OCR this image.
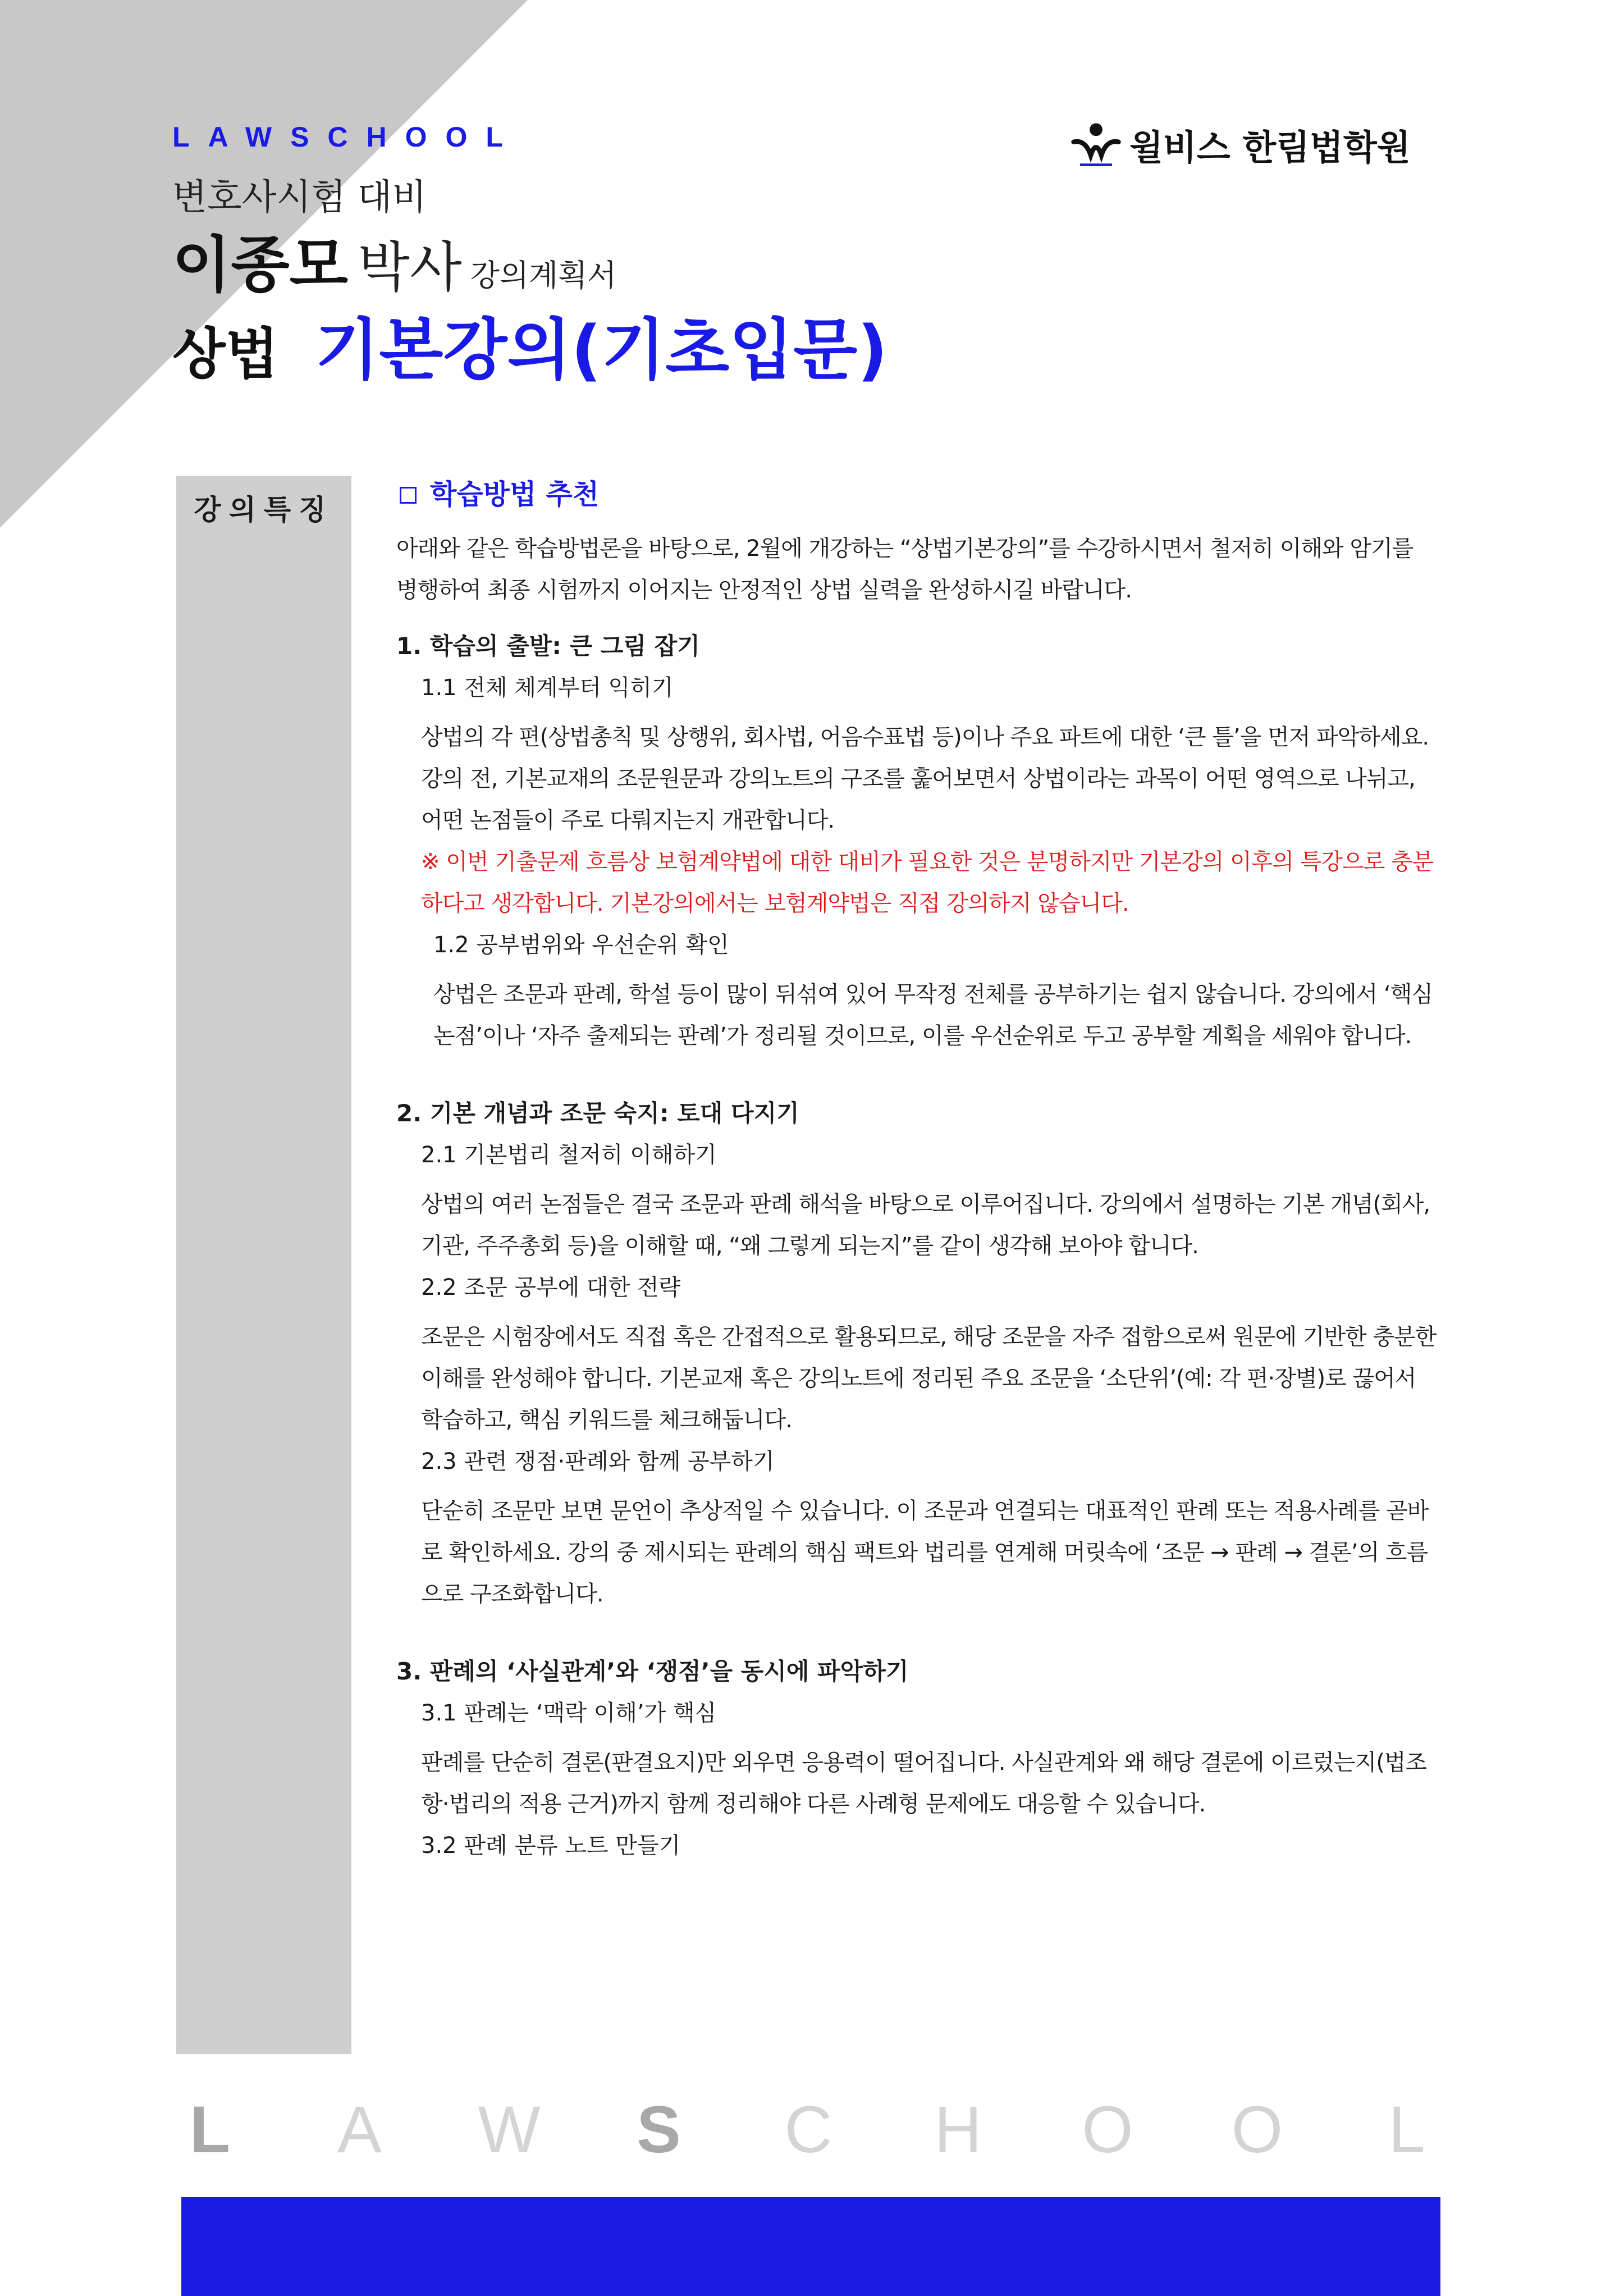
LAWSCHOOL	윌비스 한림법학원
변호사시험 대비
이종모 박사 강의계획서
상법 기본강의(기초입문)
강의특징	학습방법 추천

아래와 같은 학습방법론을 바탕으로, 2월에 개강하는 “상법기본강의”를 수강하시면서 철저히 이해와 암기를 병행하여 최종 시험까지 이어지는 안정적인 상법 실력을 완성하시길 바랍니다.

1. 학습의 출발: 큰 그림 잡기

1.1 전체 체계부터 익히기

상법의 각 편(상법총칙 및 상행위, 회사법, 어음수표법 등)이나 주요 파트에 대한 ‘큰 틀’을 먼저 파악하세요. 강의 전, 기본교재의 조문원문과 강의노트의 구조를 훑어보면서 상법이라는 과목이 어떤 영역으로 나뉘고, 어떤 논점들이 주로 다뤄지는지 개관합니다.

※ 이번 기출문제 흐름상 보험계약법에 대한 대비가 필요한 것은 분명하지만 기본강의 이후의 특강으로 충분하다고 생각합니다. 기본강의에서는 보험계약법은 직접 강의하지 않습니다.

1.2 공부범위와 우선순위 확인

상법은 조문과 판례, 학설 등이 많이 뒤섞여 있어 무작정 전체를 공부하기는 쉽지 않습니다. 강의에서 ‘핵심 논점’이나 ‘자주 출제되는 판례’가 정리될 것이므로, 이를 우선순위로 두고 공부할 계획을 세워야 합니다.

2. 기본 개념과 조문 숙지: 토대 다지기

2.1 기본법리 철저히 이해하기

상법의 여러 논점들은 결국 조문과 판례 해석을 바탕으로 이루어집니다. 강의에서 설명하는 기본 개념(회사, 기관, 주주총회 등)을 이해할 때, “왜 그렇게 되는지”를 같이 생각해 보아야 합니다.

2.2 조문 공부에 대한 전략

조문은 시험장에서도 직접 혹은 간접적으로 활용되므로, 해당 조문을 자주 접함으로써 원문에 기반한 충분한 이해를 완성해야 합니다. 기본교재 혹은 강의노트에 정리된 주요 조문을 ‘소단위’(예: 각 편·장별)로 끊어서 학습하고, 핵심 키워드를 체크해둡니다.

2.3 관련 쟁점·판례와 함께 공부하기

단순히 조문만 보면 문언이 추상적일 수 있습니다. 이 조문과 연결되는 대표적인 판례 또는 적용사례를 곧바로 확인하세요. 강의 중 제시되는 판례의 핵심 팩트와 법리를 연계해 머릿속에 ‘조문 → 판례 → 결론’의 흐름으로 구조화합니다.

3. 판례의 ‘사실관계’와 ‘쟁점’을 동시에 파악하기

3.1 판례는 ‘맥락 이해’가 핵심

판례를 단순히 결론(판결요지)만 외우면 응용력이 떨어집니다. 사실관계와 왜 해당 결론에 이르렀는지(법조항·법리의 적용 근거)까지 함께 정리해야 다른 사례형 문제에도 대응할 수 있습니다.

3.2 판례 분류 노트 만들기

L A W S C H O O L
